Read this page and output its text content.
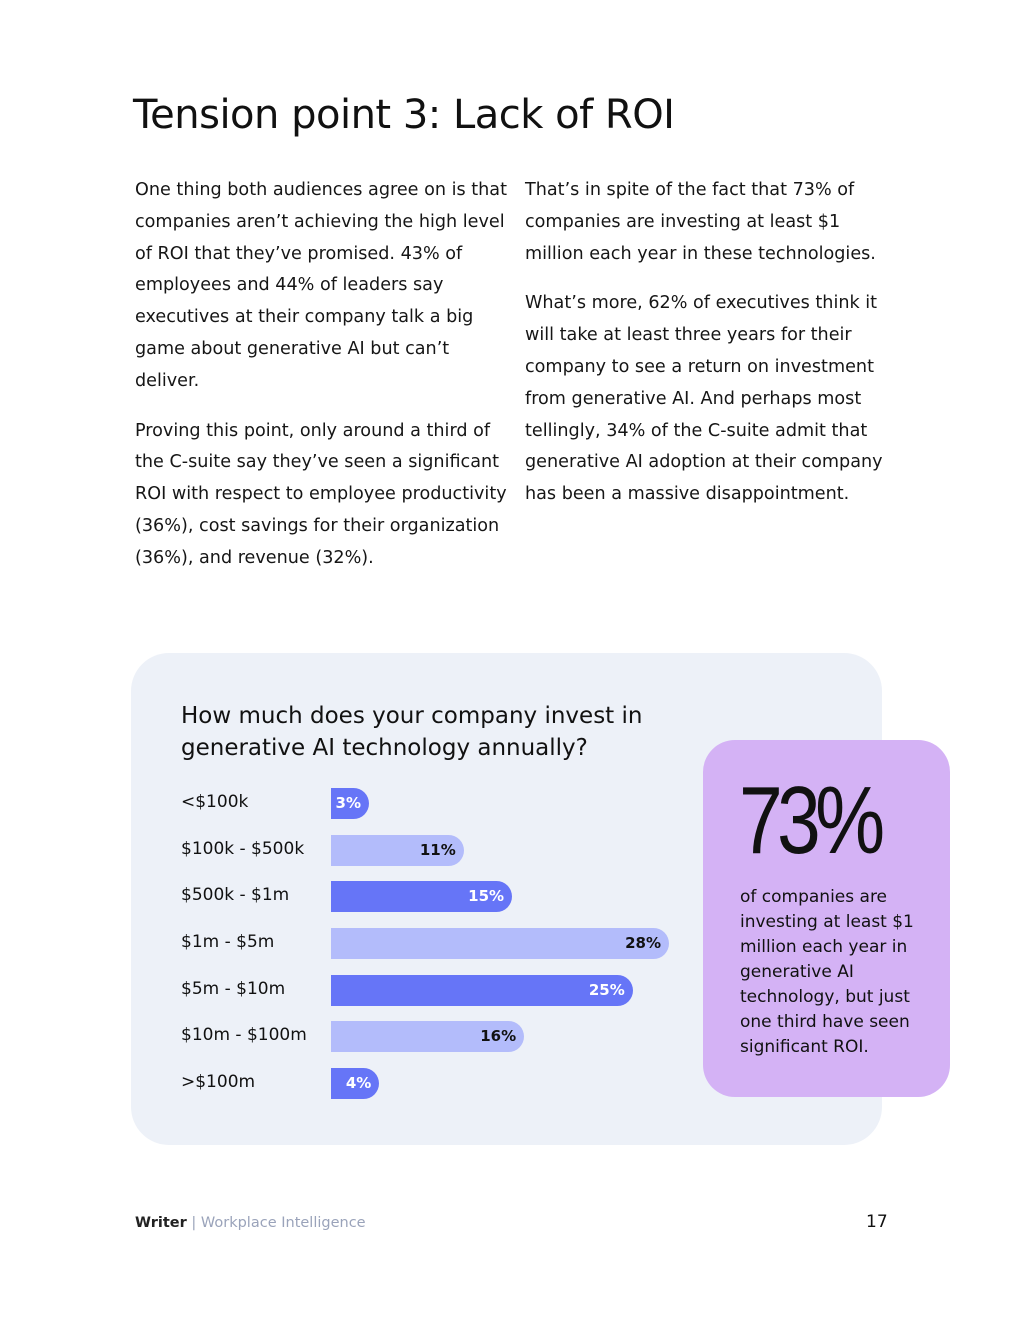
Tension point 3: Lack of ROI

One thing both audiences agree on is that companies aren’t achieving the high level of ROI that they’ve promised. 43% of employees and 44% of leaders say executives at their company talk a big game about generative AI but can’t deliver.

Proving this point, only around a third of the C-suite say they’ve seen a significant ROI with respect to employee productivity (36%), cost savings for their organization (36%), and revenue (32%).

That’s in spite of the fact that 73% of companies are investing at least $1 million each year in these technologies.

What’s more, 62% of executives think it will take at least three years for their company to see a return on investment from generative AI. And perhaps most tellingly, 34% of the C-suite admit that generative AI adoption at their company has been a massive disappointment.

How much does your company invest in generative AI technology annually?
<$100k	3%
$100k - $500k	11%
$500k - $1m	15%
$1m - $5m	28%
$5m - $10m	25%
$10m - $100m	16%
>$100m	4%
73%
of companies are investing at least $1 million each year in generative AI technology, but just one third have seen significant ROI.
Writer | Workplace Intelligence	17
